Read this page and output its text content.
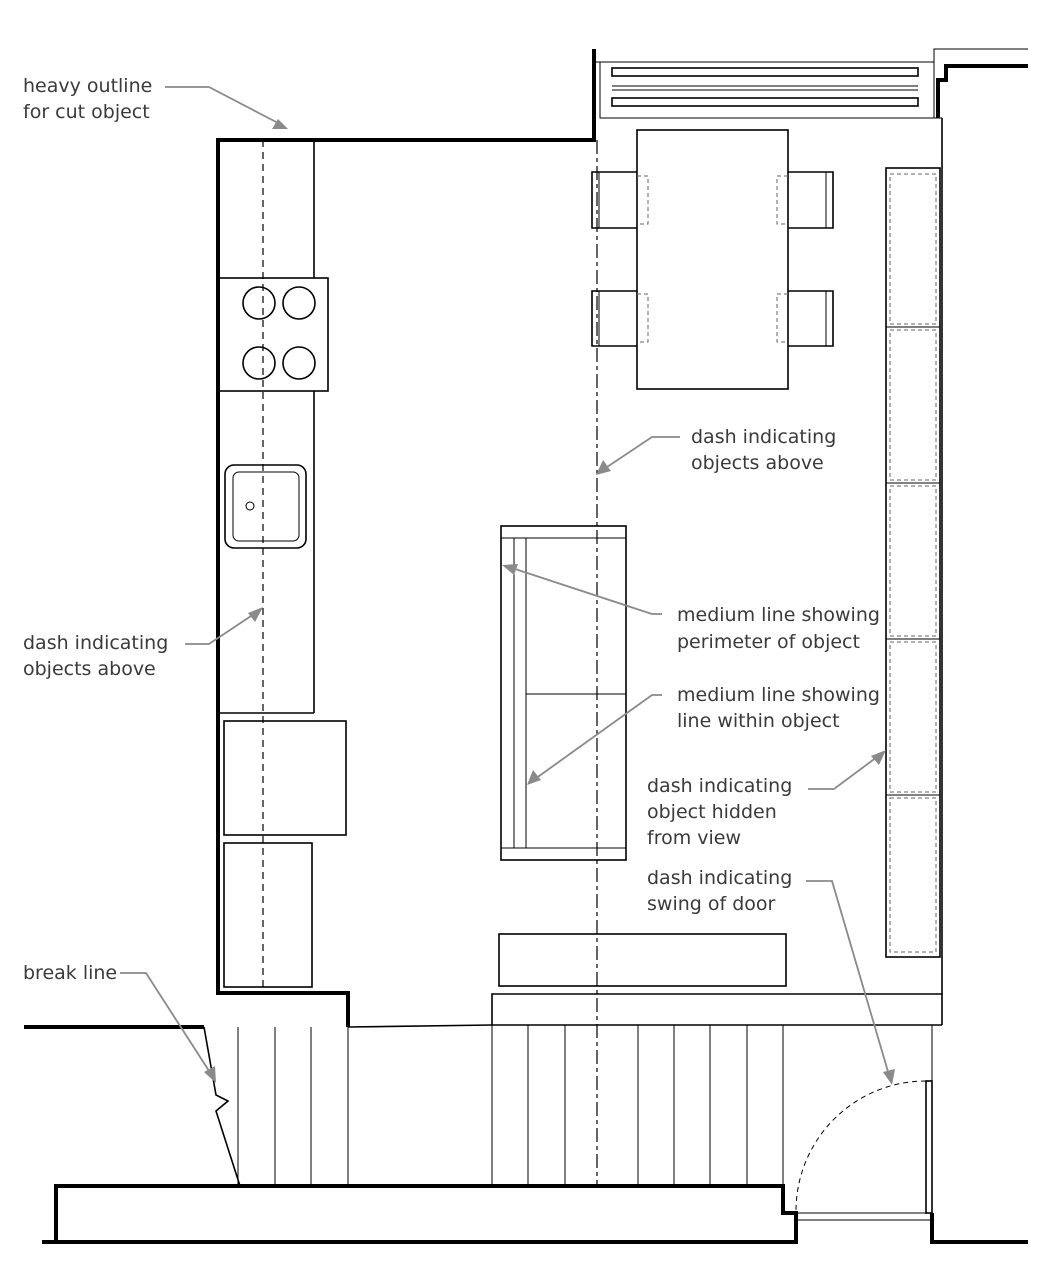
heavy outline for cut object
dash indicating objects above
dash indicating objects above
medium line showing perimeter of object
medium line showing line within object
dash indicating object hidden from view
dash indicating swing of door
break line
